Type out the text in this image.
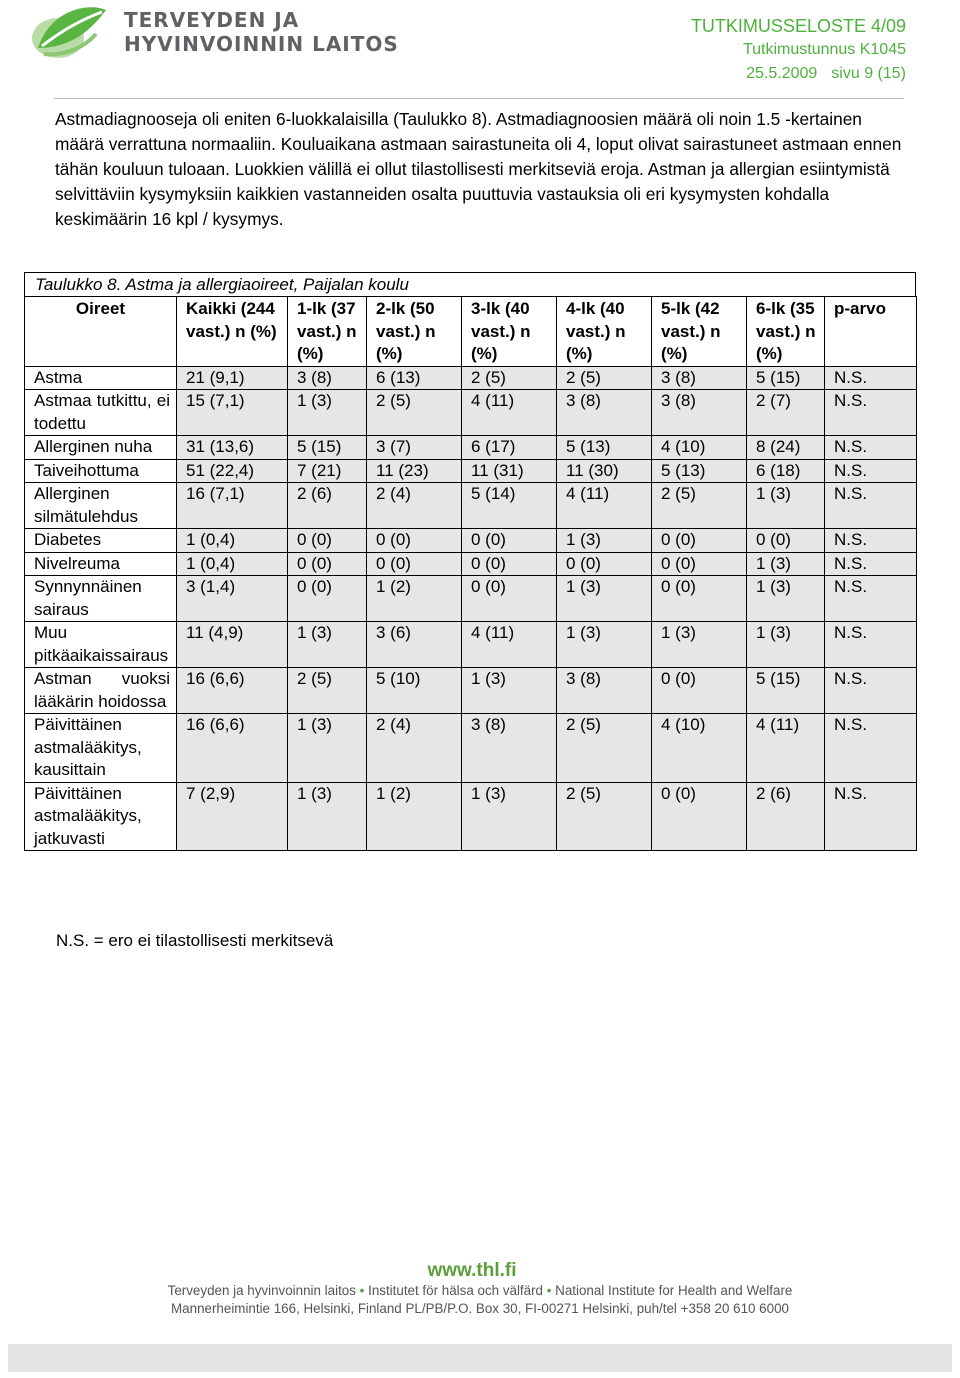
TERVEYDEN JA
HYVINVOINNIN LAITOS
TUTKIMUSSELOSTE 4/09
Tutkimustunnus K1045
25.5.2009 sivu 9 (15)

Astmadiagnooseja oli eniten 6-luokkalaisilla (Taulukko 8). Astmadiagnoosien määrä oli noin 1.5 -kertainen määrä verrattuna normaaliin. Kouluaikana astmaan sairastuneita oli 4, loput olivat sairastuneet astmaan ennen tähän kouluun tuloaan. Luokkien välillä ei ollut tilastollisesti merkitseviä eroja. Astman ja allergian esiintymistä selvittäviin kysymyksiin kaikkien vastanneiden osalta puuttuvia vastauksia oli eri kysymysten kohdalla keskimäärin 16 kpl / kysymys.

Taulukko 8. Astma ja allergiaoireet, Paijalan koulu
Oireet	Kaikki (244 vast.) n (%)	1-lk (37 vast.) n (%)	2-lk (50 vast.) n (%)	3-lk (40 vast.) n (%)	4-lk (40 vast.) n (%)	5-lk (42 vast.) n (%)	6-lk (35 vast.) n (%)	p-arvo
Astma	21 (9,1)	3 (8)	6 (13)	2 (5)	2 (5)	3 (8)	5 (15)	N.S.
Astmaa tutkittu, ei todettu	15 (7,1)	1 (3)	2 (5)	4 (11)	3 (8)	3 (8)	2 (7)	N.S.
Allerginen nuha	31 (13,6)	5 (15)	3 (7)	6 (17)	5 (13)	4 (10)	8 (24)	N.S.
Taiveihottuma	51 (22,4)	7 (21)	11 (23)	11 (31)	11 (30)	5 (13)	6 (18)	N.S.
Allerginen silmätulehdus	16 (7,1)	2 (6)	2 (4)	5 (14)	4 (11)	2 (5)	1 (3)	N.S.
Diabetes	1 (0,4)	0 (0)	0 (0)	0 (0)	1 (3)	0 (0)	0 (0)	N.S.
Nivelreuma	1 (0,4)	0 (0)	0 (0)	0 (0)	0 (0)	0 (0)	1 (3)	N.S.
Synnynnäinen sairaus	3 (1,4)	0 (0)	1 (2)	0 (0)	1 (3)	0 (0)	1 (3)	N.S.
Muu pitkäaikaissairaus	11 (4,9)	1 (3)	3 (6)	4 (11)	1 (3)	1 (3)	1 (3)	N.S.
Astman vuoksi lääkärin hoidossa	16 (6,6)	2 (5)	5 (10)	1 (3)	3 (8)	0 (0)	5 (15)	N.S.
Päivittäinen astmalääkitys, kausittain	16 (6,6)	1 (3)	2 (4)	3 (8)	2 (5)	4 (10)	4 (11)	N.S.
Päivittäinen astmalääkitys, jatkuvasti	7 (2,9)	1 (3)	1 (2)	1 (3)	2 (5)	0 (0)	2 (6)	N.S.
N.S. = ero ei tilastollisesti merkitsevä
www.thl.fi
Terveyden ja hyvinvoinnin laitos • Institutet för hälsa och välfärd • National Institute for Health and Welfare
Mannerheimintie 166, Helsinki, Finland PL/PB/P.O. Box 30, FI-00271 Helsinki, puh/tel +358 20 610 6000
